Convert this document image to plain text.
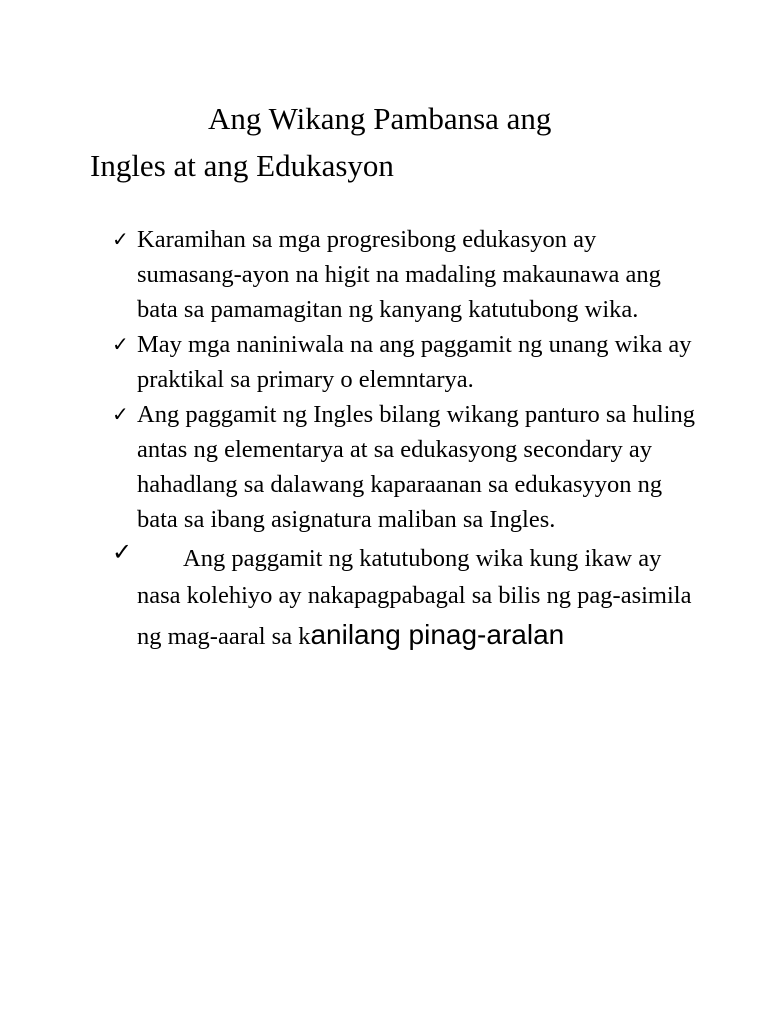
Ang Wikang Pambansa ang
Ingles at ang Edukasyon
✓ Karamihan sa mga progresibong edukasyon ay sumasang-ayon na higit na madaling makaunawa ang bata sa pamamagitan ng kanyang katutubong wika.
✓ May mga naniniwala na ang paggamit ng unang wika ay praktikal sa primary o elemntarya.
✓ Ang paggamit ng Ingles bilang wikang panturo sa huling antas ng elementarya at sa edukasyong secondary ay hahadlang sa dalawang kaparaanan sa edukasyyon ng bata sa ibang asignatura maliban sa Ingles.
✓ Ang paggamit ng katutubong wika kung ikaw ay nasa kolehiyo ay nakapagpabagal sa bilis ng pag-asimila ng mag-aaral sa kanilang pinag-aralan
